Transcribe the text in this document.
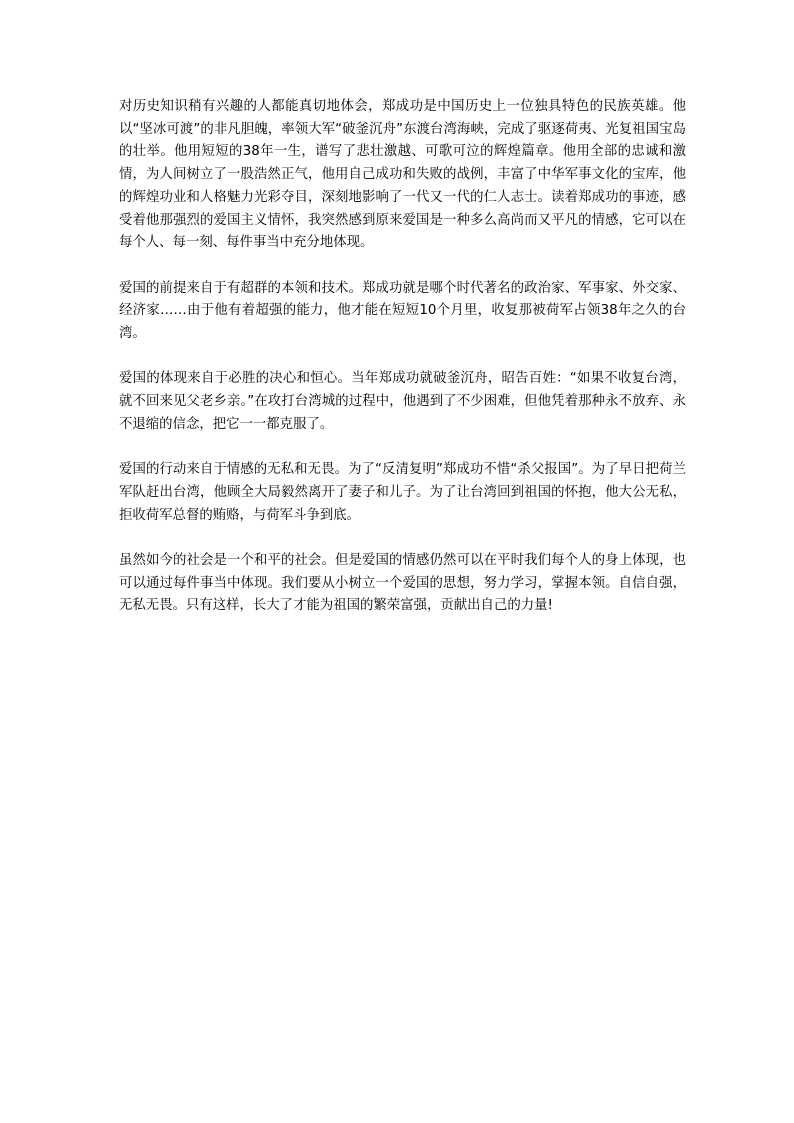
对历史知识稍有兴趣的人都能真切地体会，郑成功是中国历史上一位独具特色的民族英雄。他以“坚冰可渡”的非凡胆魄，率领大军“破釜沉舟”东渡台湾海峡，完成了驱逐荷夷、光复祖国宝岛的壮举。他用短短的38年一生，谱写了悲壮激越、可歌可泣的辉煌篇章。他用全部的忠诚和激情，为人间树立了一股浩然正气，他用自己成功和失败的战例，丰富了中华军事文化的宝库，他的辉煌功业和人格魅力光彩夺目，深刻地影响了一代又一代的仁人志士。读着郑成功的事迹，感受着他那强烈的爱国主义情怀，我突然感到原来爱国是一种多么高尚而又平凡的情感，它可以在每个人、每一刻、每件事当中充分地体现。

爱国的前提来自于有超群的本领和技术。郑成功就是哪个时代著名的政治家、军事家、外交家、经济家……由于他有着超强的能力，他才能在短短10个月里，收复那被荷军占领38年之久的台湾。

爱国的体现来自于必胜的决心和恒心。当年郑成功就破釜沉舟，昭告百姓：“如果不收复台湾，就不回来见父老乡亲。”在攻打台湾城的过程中，他遇到了不少困难，但他凭着那种永不放弃、永不退缩的信念，把它一一都克服了。

爱国的行动来自于情感的无私和无畏。为了“反清复明”郑成功不惜“杀父报国”。为了早日把荷兰军队赶出台湾，他顾全大局毅然离开了妻子和儿子。为了让台湾回到祖国的怀抱，他大公无私，拒收荷军总督的贿赂，与荷军斗争到底。

虽然如今的社会是一个和平的社会。但是爱国的情感仍然可以在平时我们每个人的身上体现，也可以通过每件事当中体现。我们要从小树立一个爱国的思想，努力学习，掌握本领。自信自强，无私无畏。只有这样，长大了才能为祖国的繁荣富强，贡献出自己的力量!
